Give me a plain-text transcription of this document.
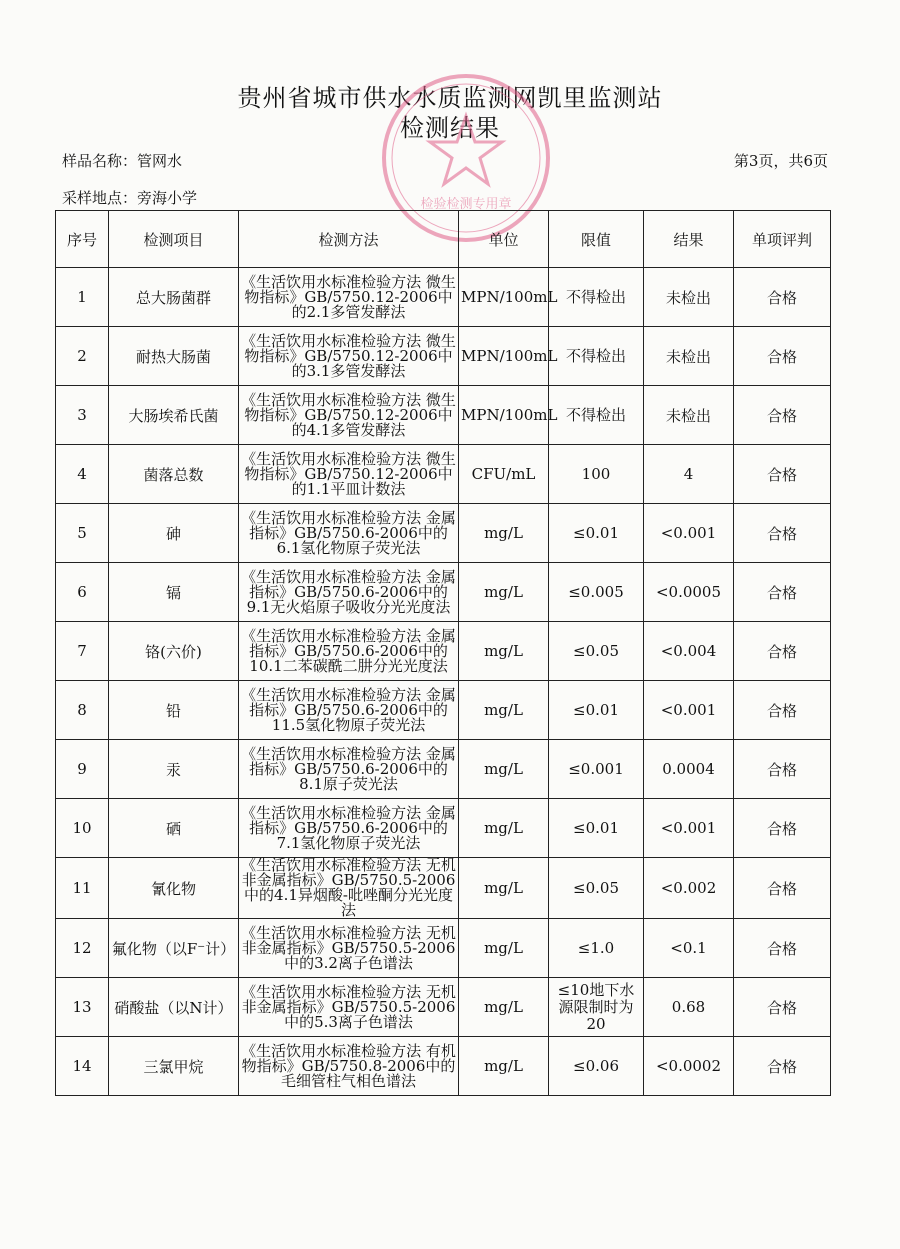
贵州省城市供水水质监测网凯里监测站
检测结果
检验检测专用章
样品名称：管网水	第3页，共6页
采样地点：旁海小学
序号	检测项目	检测方法	单位	限值	结果	单项评判
1	总大肠菌群	《生活饮用水标准检验方法 微生物指标》GB/5750.12-2006中的2.1多管发酵法	MPN/100mL	不得检出	未检出	合格
2	耐热大肠菌	《生活饮用水标准检验方法 微生物指标》GB/5750.12-2006中的3.1多管发酵法	MPN/100mL	不得检出	未检出	合格
3	大肠埃希氏菌	《生活饮用水标准检验方法 微生物指标》GB/5750.12-2006中的4.1多管发酵法	MPN/100mL	不得检出	未检出	合格
4	菌落总数	《生活饮用水标准检验方法 微生物指标》GB/5750.12-2006中的1.1平皿计数法	CFU/mL	100	4	合格
5	砷	《生活饮用水标准检验方法 金属指标》GB/5750.6-2006中的6.1氢化物原子荧光法	mg/L	≤0.01	<0.001	合格
6	镉	《生活饮用水标准检验方法 金属指标》GB/5750.6-2006中的9.1无火焰原子吸收分光光度法	mg/L	≤0.005	<0.0005	合格
7	铬(六价)	《生活饮用水标准检验方法 金属指标》GB/5750.6-2006中的10.1二苯碳酰二肼分光光度法	mg/L	≤0.05	<0.004	合格
8	铅	《生活饮用水标准检验方法 金属指标》GB/5750.6-2006中的11.5氢化物原子荧光法	mg/L	≤0.01	<0.001	合格
9	汞	《生活饮用水标准检验方法 金属指标》GB/5750.6-2006中的8.1原子荧光法	mg/L	≤0.001	0.0004	合格
10	硒	《生活饮用水标准检验方法 金属指标》GB/5750.6-2006中的7.1氢化物原子荧光法	mg/L	≤0.01	<0.001	合格
11	氰化物	《生活饮用水标准检验方法 无机非金属指标》GB/5750.5-2006中的4.1异烟酸-吡唑酮分光光度法	mg/L	≤0.05	<0.002	合格
12	氟化物（以F⁻计）	《生活饮用水标准检验方法 无机非金属指标》GB/5750.5-2006中的3.2离子色谱法	mg/L	≤1.0	<0.1	合格
13	硝酸盐（以N计）	《生活饮用水标准检验方法 无机非金属指标》GB/5750.5-2006中的5.3离子色谱法	mg/L	≤10地下水源限制时为20	0.68	合格
14	三氯甲烷	《生活饮用水标准检验方法 有机物指标》GB/5750.8-2006中的毛细管柱气相色谱法	mg/L	≤0.06	<0.0002	合格
